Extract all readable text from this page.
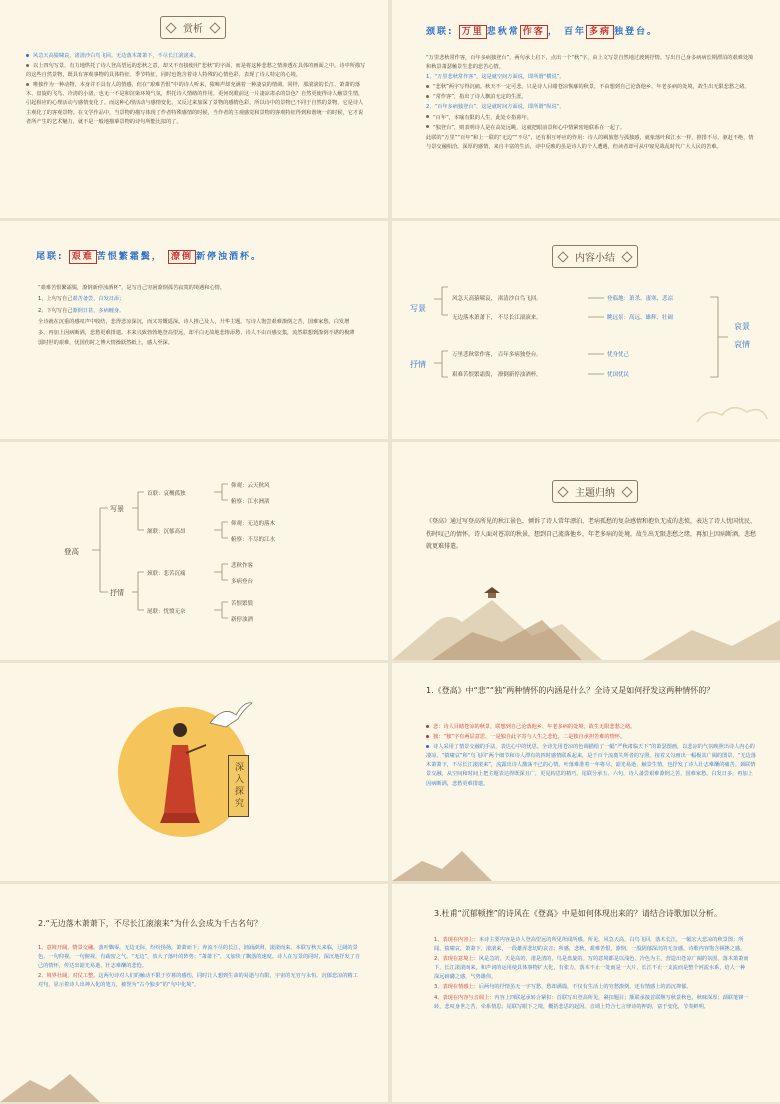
赏析

风急天高猿啸哀，渚清沙白鸟飞回。无边落木萧萧下，不尽长江滚滚来。

以上四句写景，有力地烘托了诗人登高望远的悲秋之意，却又不直接使用“悲秋”的字面，而是将这种悲愁之情渗透在具体的画面之中。诗中所描写的这些自然景物，既具有客观事物的具体特征、季节特征，同时也饱含着诗人特殊的心情色彩，表现了诗人特定的心境。

唯独作为一种动物，本身并不具有人的情感，但在“艰难苦恨”中的诗人听来，猿啼声却充满着一种凄哀的情调。同样，那滚滚的长江、萧萧的落木、盘旋的飞鸟、冷清的小渚，也无一不是和渲染环境气氛，烘托诗人情绪的作用。更何况眼前这一片凄凉肃杀的景色？自然更使得诗人触景生情，引起相应的心理活动与感情变化了。而这种心理活动与感情变化，又反过来加深了景物的感情色彩。所以诗中的景物已不同于自然的景物，它是诗人主观化了的客观景物。在文学作品中，当景物的描写体现了作者特殊感情的时候，当作者的主观感觉和景物的客观特征得到和谐统一的时候，它才说者所产生的艺术魅力，就不是一般地描摹景物的诗句所能比拟的了。

颈联: 万里 悲秋常 作客 ， 百年 多病 独登台。

“万里悲秋常作客，百年多病独登台”，两句承上启下，点出一个“秋”字，由上文写景自然地过渡到抒情。写出自己身多病病长期漂泊的艰难处境和秋景萧瑟触景生悲的悲苦心情。

1、“万里悲秋常作客”，这是就空间方面说，即所谓“横说”。

“悲秋”两字写得沉痛。秋天不一定可悲，只是诗人目睹苍凉恢廓的秋景，不由想到自己沦落他乡、年老多病的处境，故生出无限悲愁之绪。

“常作客”，指出了诗人飘泊无定的生涯。

2、“百年多病独登台”，这是就时间方面说，即所谓“纵说”。

“百年”，本喻有限的人生，此处专指暮年。

“独登台”，则表明诗人是在高处远眺，这就把眼前景和心中情紧密地联系在一起了。

此联的“万里”“百年”和上一联的“无边”“不尽”，还有相互呼应的作用：诗人的羁旅愁与孤独感，就象落叶和江水一样，推排不尽，驱赶不绝，情与景交融相洽。深厚的感情，来自丰富的生活，诗中反映的虽是诗人的个人遭遇，但读者却可从中窥见战乱时代广大人民的苦难。

尾联: 艰难 苦恨繁霜鬓， 潦倒 新停浊酒杯。

“艰难苦恨繁霜鬓，潦倒新停浊酒杯”，是写自己穷困潦倒孤苦寂寞的境遇和心情。

1、上句写自己艰苦备尝，白发日添；

2、下句写自己潦倒日甚，多病缠身。

全诗就在沉重的感叹声中收结，悲得悲凉深沉，而又寄慨遥深。诗人推己及人，升华主题。写诗人饱尝艰难潦倒之苦，国难家愁，白发增多，再加上因病断酒，悲愁更难排遣。本来兴致勃勃地登高望远，却平白无故地悲惨添愁，诗人不由百感交集，流然联想到潦倒不堪的极薄弱时世的艰难，忧国伤时之博大情操跃然纸上，感人至深。

内容小结
写景
抒情
风急天高猿啸哀， 渚清沙白鸟飞回。
无边落木萧萧下， 不尽长江滚滚来。
万里悲秋常作客， 百年多病独登台。
艰难苦恨繁霜鬓， 潦倒新停浊酒杯。
登临地：萧杀、凄寒、悲凉
眺远景：高远、雄辉、壮阔
忧身忧己
忧国忧民
哀景
哀情
登高
写景
抒情
首联：哀概孤独
颔联：沉郁高昂
颈联：悲苦沉痛
尾联：忧愤无奈
仰观：云天秋风
俯察：江水洲渚
仰观：无边的落木
俯察：不尽的江水
悲秋作客
多病登台
苦恨繁鬓
新停浊酒
主题归纳
《登高》通过写登高所见的秋江景色，倾诉了诗人常年漂泊、老病孤愁的复杂感情和抱负无成的悲愤，表达了诗人忧国忧民、伤时叹己的情怀。诗人面对苍凉的秋景，想到自己流落他乡，年老多病的处境，故生出无限悲愁之绪，再加上因病断酒，悲愁就更难排遣。
深入探究
1.《登高》中“悲”“独”两种情怀的内涵是什么？全诗又是如何抒发这两种情怀的？

悲：诗人目睹苍凉的秋景，联想到自己沦落他乡、年老多病的处境，故生无限悲愁之绪。

独：“独”字有两层意思，一是独自此字寄与人生之悲怆，二是独自承担苦难的情怀。

诗人采用了情景交融的手法，表达心中的忧思。全诗先用苍凉的色调描绘了一幅“严秋肃临天下”的萧瑟图画，以悲凉的气氛映照出诗人内心的凄凉。“猿啸哀”和“鸟飞回”两个细节和诗人漂有的四时感情联系起来，是千百个流离失所者的写照。接着又勾画出一幅极其广阔的图景，“无边落木萧萧下，不尽长江滚滚来”，流露出诗人激荡不已的心情。叶落难准着一年将尽，韶光易逝，触景生情，也抒发了诗人壮志难酬的痛苦。颈联情景交融，从空间和时间上把主题表达得既深且广，更见构思的精巧。尾联分承五、六句，诗人备尝艰难潦倒之苦，国难家愁，白发日多，再加上因病断酒，悲愁更难排遣。

2.“无边落木萧萧下，不尽长江滚滚来”为什么会成为千古名句？

1、意境开阔，情景交融。落叶飘零，无边无际，纷纷扬扬，萧萧而下；奔流不尽的长江，汹涌澎湃，滚滚而来。本联写秋天来临，辽阔的景色，一句仰视，一句俯视，有疏密之气。“无边”，放大了落叶的阵势；“萧萧下”，又加快了飘落的速度。诗人在写景的同时，深沉地抒发了自己的情怀，传达出韶光易逝、壮志难酬的悲怆。

2、境界壮阔，对仗工整。这两句诗对人们的触动不限于岁暮的感伤，同时让人想到生命的易逝与有限，宇宙的无穷与永恒。沉郁悲凉的精工对句，显示着诗人出神入化的笔力，被誉为“古今独步”的“句中化境”。

3.杜甫“沉郁顿挫”的诗风在《登高》中是如何体现出来的？请结合诗歌加以分析。

1、表现在内容上：本诗主要内容是诗人登高望远的所见所闻所感。所见，风急天高，白鸟飞回，落木长江，一幅宏大悲凉的秋景图；所闻，猿啸哀，萧萧下，滚滚来，一段雄浑悲切的哀音；所感，悲秋，艰难苦恨，潦倒，一股阴郁深沉的无奈感。诗歌内容饱含顿挫之感。

2、表现在意境上：风是急的，天是高的，渚是清的，鸟是盘旋的。写的意境都是以浅色、冷色为主，营造出苍凉广阔的氛围。落木萧萧而下，长江滚滚而来，和声词的运用使具体事物扩大化，有张力，落木不止一处而是一大片，长江不止一支流而是整个河流水系，给人一种深远磅礴之感，气势雄伟。

3、表现在情感上：后两句的抒情虽无一字写愁，愁却满篇，不仅有生活上的穷愁潦倒，还有情感上的消沉抑郁。

4、表现在内容与音调上：内容上四联起承转合紧扣：首联写出登高所见，紧扣题目；颔联承接首联继写秋景秋色，秋味深厚；颈联笔锋一转，悲叹身世之苦，牵系情思；尾联写眼下之境，概括悲思的起因。音调上符合七言律诗的押韵，富于变化，节奏鲜明。
